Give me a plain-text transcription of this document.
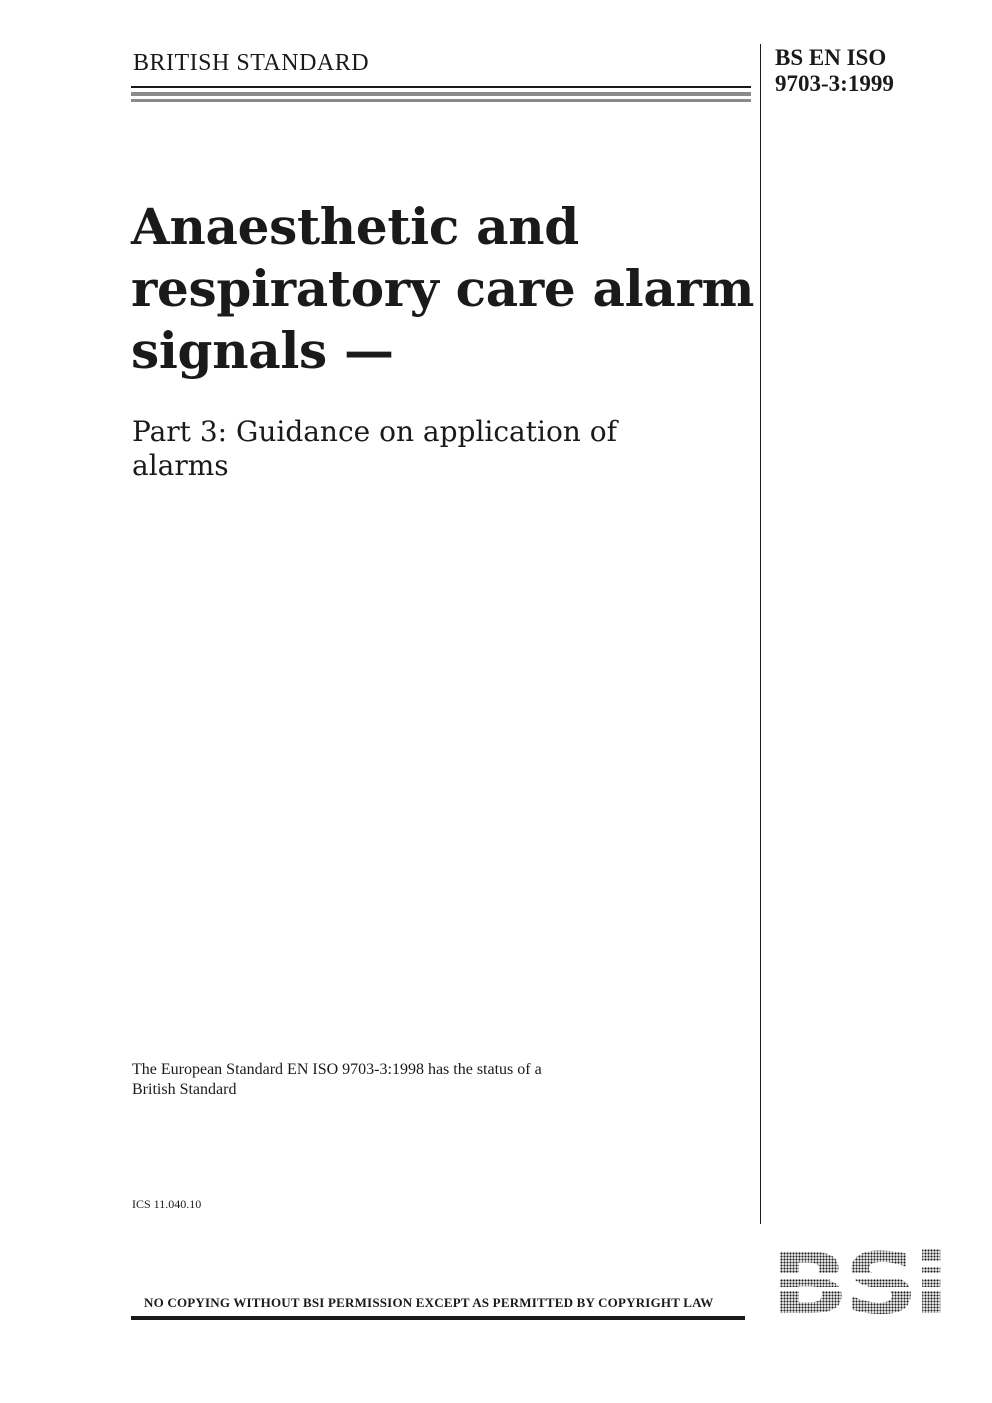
BRITISH STANDARD	BS EN ISO
9703-3:1999
Anaesthetic and
respiratory care alarm
signals —
Part 3: Guidance on application of
alarms
The European Standard EN ISO 9703-3:1998 has the status of a
British Standard
ICS 11.040.10
NO COPYING WITHOUT BSI PERMISSION EXCEPT AS PERMITTED BY COPYRIGHT LAW
